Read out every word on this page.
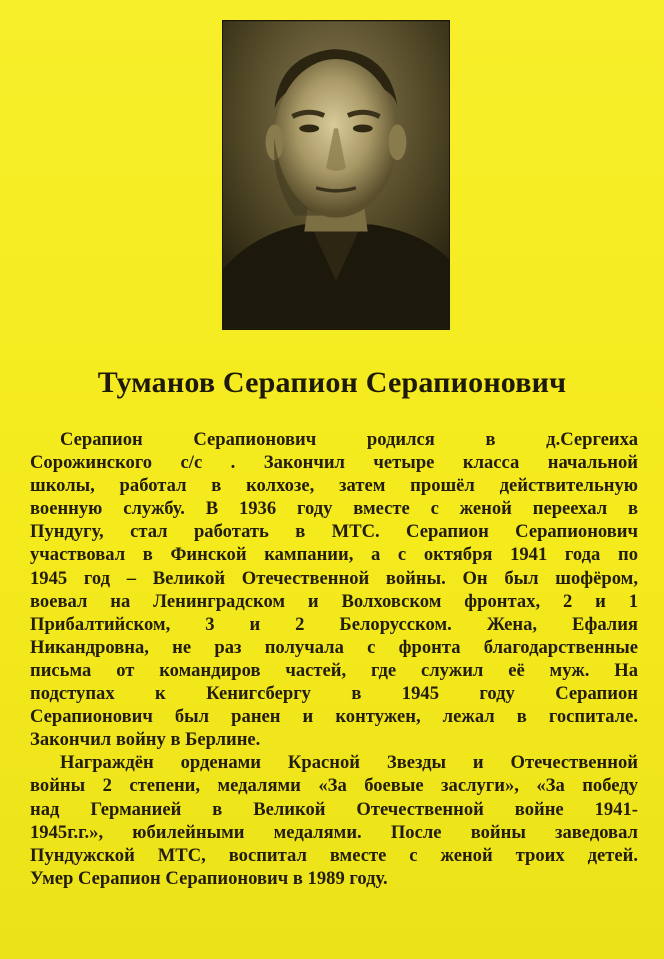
Туманов Серапион Серапионович
Серапион Серапионович родился в д.Сергеиха
Сорожинского с/с . Закончил четыре класса начальной
школы, работал в колхозе, затем прошёл действительную
военную службу. В 1936 году вместе с женой переехал в
Пундугу, стал работать в МТС. Серапион Серапионович
участвовал в Финской кампании, а с октября 1941 года по
1945 год – Великой Отечественной войны. Он был шофёром,
воевал на Ленинградском и Волховском фронтах, 2 и 1
Прибалтийском, 3 и 2 Белорусском. Жена, Ефалия
Никандровна, не раз получала с фронта благодарственные
письма от командиров частей, где служил её муж. На
подступах к Кенигсбергу в 1945 году Серапион
Серапионович был ранен и контужен, лежал в госпитале.
Закончил войну в Берлине.
Награждён орденами Красной Звезды и Отечественной
войны 2 степени, медалями «За боевые заслуги», «За победу
над Германией в Великой Отечественной войне 1941-
1945г.г.», юбилейными медалями. После войны заведовал
Пундужской МТС, воспитал вместе с женой троих детей.
Умер Серапион Серапионович в 1989 году.
